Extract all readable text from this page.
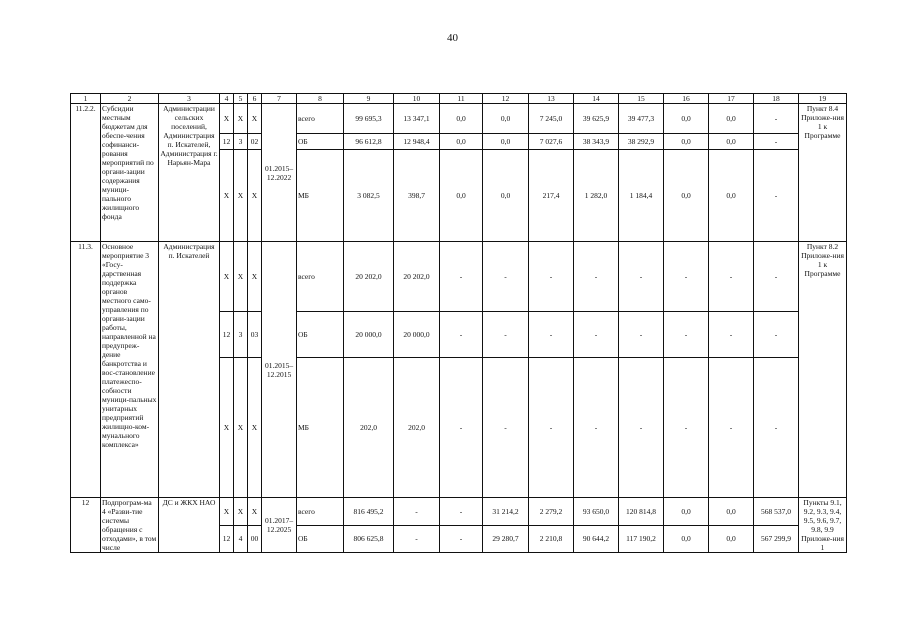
40
1	2	3	4	5	6	7	8	9	10	11	12	13	14	15	16	17	18	19
11.2.2.	Субсидии местным бюджетам для обеспе-чения софинанси-рования мероприятий по органи-зации содержания муници-пального жилищного фонда	Администрации сельских поселений, Администрация п. Искателей, Администрация г. Нарьян-Мара	X	X	X	01.2015– 12.2022	всего	99 695,3	13 347,1	0,0	0,0	7 245,0	39 625,9	39 477,3	0,0	0,0	-	Пункт 8.4 Приложе-ния 1 к Программе
			12	3	02		ОБ	96 612,8	12 948,4	0,0	0,0	7 027,6	38 343,9	38 292,9	0,0	0,0	-	
			X	X	X		МБ	3 082,5	398,7	0,0	0,0	217,4	1 282,0	1 184,4	0,0	0,0	-	
11.3.	Основное мероприятие 3 «Госу-дарственная поддержка органов местного само-управления по органи-зации работы, направленной на предупреж-дение банкротства и вос-становление платежеспо-собности муници-пальных унитарных предприятий жилищно-ком-мунального комплекса»	Администрация п. Искателей	X	X	X	01.2015– 12.2015	всего	20 202,0	20 202,0	-	-	-	-	-	-	-	-	Пункт 8.2 Приложе-ния 1 к Программе
			12	3	03		ОБ	20 000,0	20 000,0	-	-	-	-	-	-	-	-	
			X	X	X		МБ	202,0	202,0	-	-	-	-	-	-	-	-	
12	Подпрограм-ма 4 «Разви-тие системы обращения с отходами», в том числе	ДС и ЖКХ НАО	X	X	X	01.2017– 12.2025	всего	816 495,2	-	-	31 214,2	2 279,2	93 650,0	120 814,8	0,0	0,0	568 537,0	Пункты 9.1, 9.2, 9.3, 9.4, 9.5, 9.6, 9.7, 9.8, 9.9 Приложе-ния 1
			12	4	00		ОБ	806 625,8	-	-	29 280,7	2 210,8	90 644,2	117 190,2	0,0	0,0	567 299,9	
